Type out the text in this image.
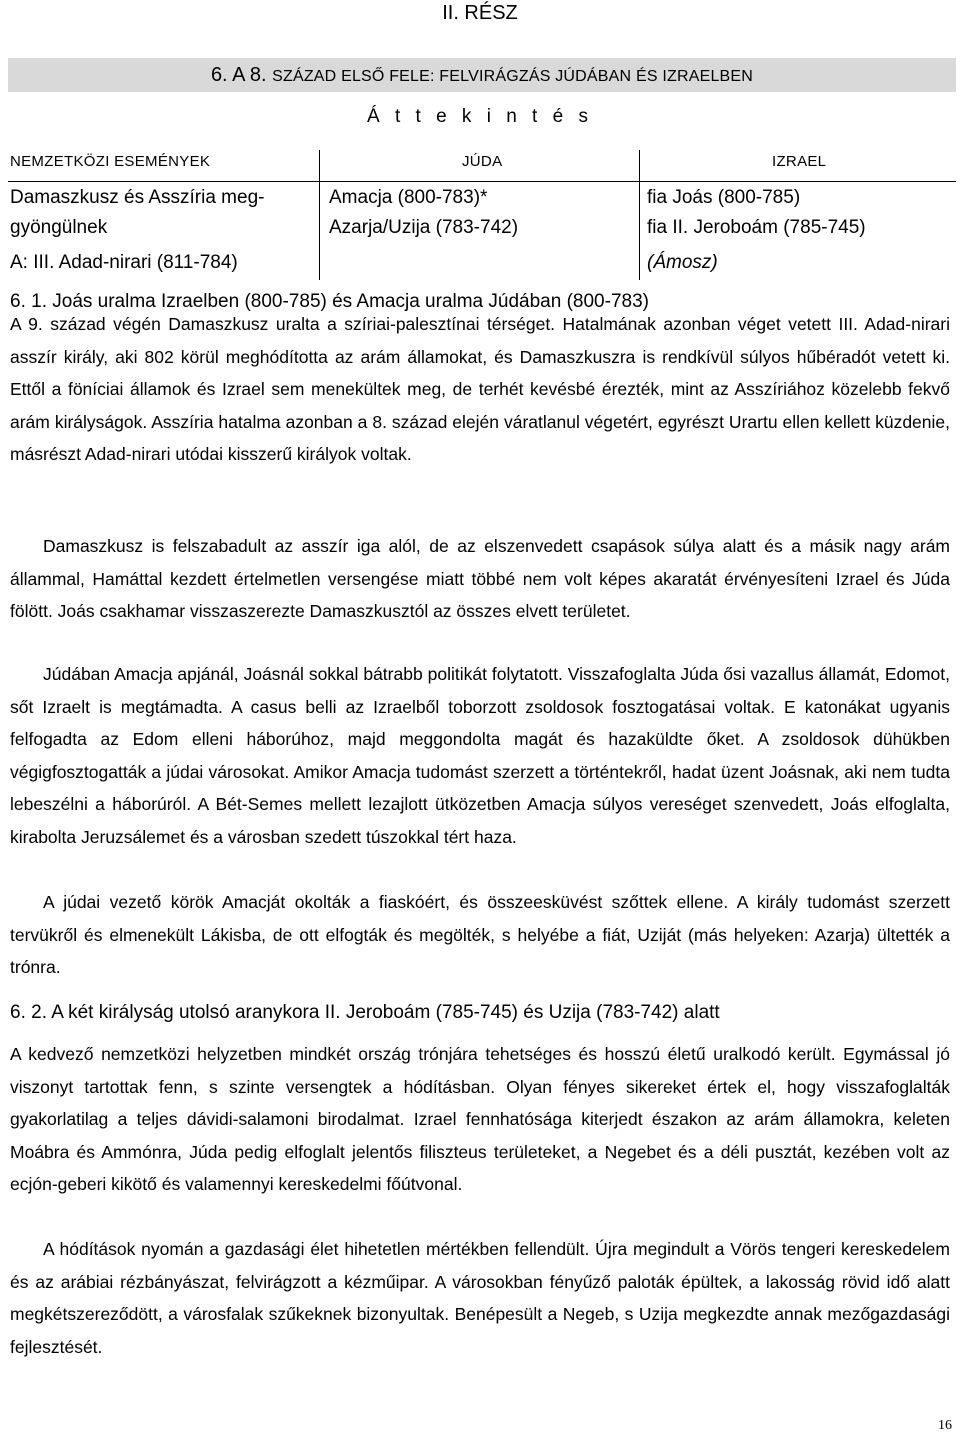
II. RÉSZ
6. A 8. SZÁZAD ELSŐ FELE: FELVIRÁGZÁS JÚDÁBAN ÉS IZRAELBEN
Á t t e k i n t é s
NEMZETKÖZI ESEMÉNYEK	JÚDA	IZRAEL
Damaszkusz és Asszíria meg-
gyöngülnek
A: III. Adad-nirari (811-784)
Amacja (800-783)*
Azarja/Uzija (783-742)
fia Joás (800-785)
fia II. Jeroboám (785-745)
(Ámosz)
6. 1. Joás uralma Izraelben (800-785) és Amacja uralma Júdában (800-783)

A 9. század végén Damaszkusz uralta a szíriai-palesztínai térséget. Hatalmának azonban véget vetett III. Adad-nirari asszír király, aki 802 körül meghódította az arám államokat, és Damaszkuszra is rendkívül súlyos hűbéradót vetett ki. Ettől a föníciai államok és Izrael sem menekültek meg, de terhét kevésbé érezték, mint az Asszíriához közelebb fekvő arám királyságok. Asszíria hatalma azonban a 8. század elején váratlanul végetért, egyrészt Urartu ellen kellett küzdenie, másrészt Adad-nirari utódai kisszerű királyok voltak.

Damaszkusz is felszabadult az asszír iga alól, de az elszenvedett csapások súlya alatt és a másik nagy arám állammal, Hamáttal kezdett értelmetlen versengése miatt többé nem volt képes akaratát érvényesíteni Izrael és Júda fölött. Joás csakhamar visszaszerezte Damaszkusztól az összes elvett területet.

Júdában Amacja apjánál, Joásnál sokkal bátrabb politikát folytatott. Visszafoglalta Júda ősi vazallus államát, Edomot, sőt Izraelt is megtámadta. A casus belli az Izraelből toborzott zsoldosok fosztogatásai voltak. E katonákat ugyanis felfogadta az Edom elleni háborúhoz, majd meggondolta magát és hazaküldte őket. A zsoldosok dühükben végigfosztogatták a júdai városokat. Amikor Amacja tudomást szerzett a történtekről, hadat üzent Joásnak, aki nem tudta lebeszélni a háborúról. A Bét-Semes mellett lezajlott ütközetben Amacja súlyos vereséget szenvedett, Joás elfoglalta, kirabolta Jeruzsálemet és a városban szedett túszokkal tért haza.

A júdai vezető körök Amacját okolták a fiaskóért, és összeesküvést szőttek ellene. A király tudomást szerzett tervükről és elmenekült Lákisba, de ott elfogták és megölték, s helyébe a fiát, Uziját (más helyeken: Azarja) ültették a trónra.

6. 2. A két királyság utolsó aranykora II. Jeroboám (785-745) és Uzija (783-742) alatt

A kedvező nemzetközi helyzetben mindkét ország trónjára tehetséges és hosszú életű uralkodó került. Egymással jó viszonyt tartottak fenn, s szinte versengtek a hódításban. Olyan fényes sikereket értek el, hogy visszafoglalták gyakorlatilag a teljes dávidi-salamoni birodalmat. Izrael fennhatósága kiterjedt északon az arám államokra, keleten Moábra és Ammónra, Júda pedig elfoglalt jelentős filiszteus területeket, a Negebet és a déli pusztát, kezében volt az ecjón-geberi kikötő és valamennyi kereskedelmi főútvonal.

A hódítások nyomán a gazdasági élet hihetetlen mértékben fellendült. Újra megindult a Vörös tengeri kereskedelem és az arábiai rézbányászat, felvirágzott a kézműipar. A városokban fényűző paloták épültek, a lakosság rövid idő alatt megkétszereződött, a városfalak szűkeknek bizonyultak. Benépesült a Negeb, s Uzija megkezdte annak mezőgazdasági fejlesztését.

16
